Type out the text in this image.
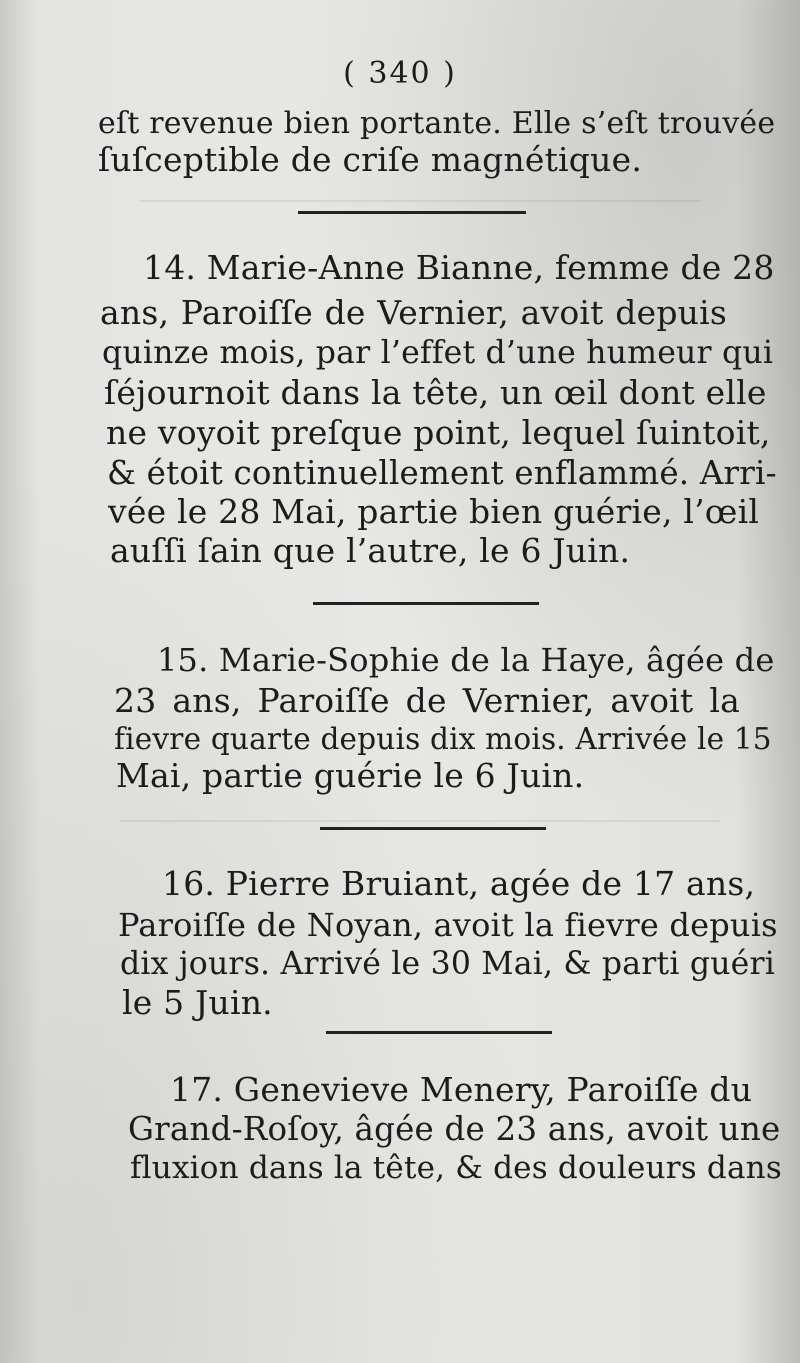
( 340 )
eſt revenue bien portante. Elle s’eſt trouvée
ſuſceptible de criſe magnétique.
14. Marie-Anne Bianne, femme de 28
ans, Paroiſſe de Vernier, avoit depuis
quinze mois, par l’effet d’une humeur qui
ſéjournoit dans la tête, un œil dont elle
ne voyoit preſque point, lequel ſuintoit,
& étoit continuellement enflammé. Arri-
vée le 28 Mai, partie bien guérie, l’œil
auſſi ſain que l’autre, le 6 Juin.
15. Marie-Sophie de la Haye, âgée de
23 ans, Paroiſſe de Vernier, avoit la
fievre quarte depuis dix mois. Arrivée le 15
Mai, partie guérie le 6 Juin.
16. Pierre Bruiant, agée de 17 ans,
Paroiſſe de Noyan, avoit la fievre depuis
dix jours. Arrivé le 30 Mai, & parti guéri
le 5 Juin.
17. Genevieve Menery, Paroiſſe du
Grand-Roſoy, âgée de 23 ans, avoit une
fluxion dans la tête, & des douleurs dans
